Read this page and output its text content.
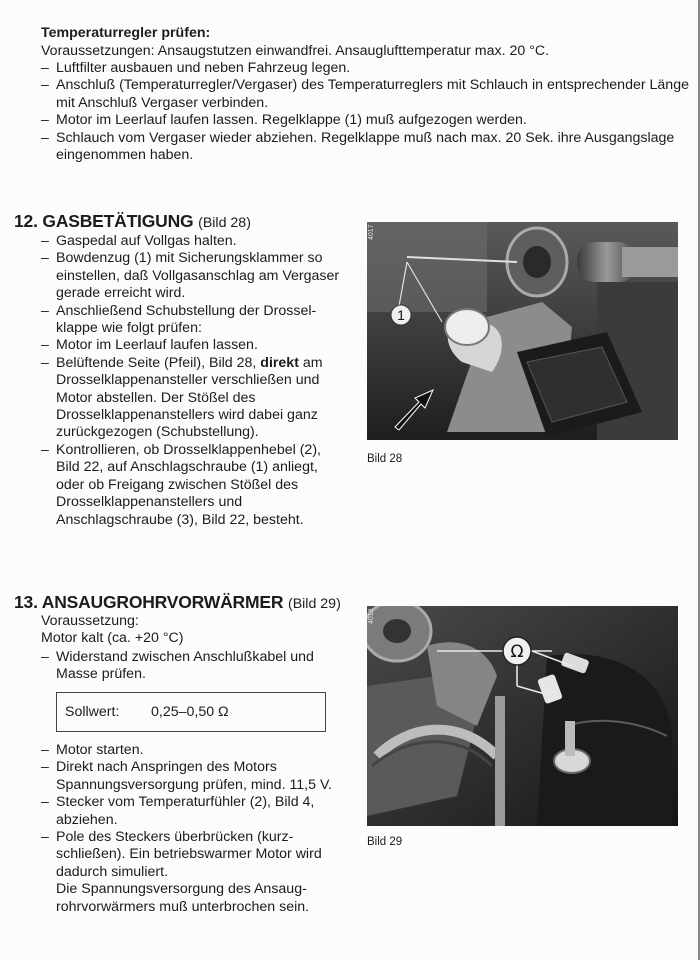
Temperaturregler prüfen:
Voraussetzungen: Ansaugstutzen einwandfrei. Ansauglufttemperatur max. 20 °C.
– Luftfilter ausbauen und neben Fahrzeug legen.
– Anschluß (Temperaturregler/Vergaser) des Temperaturreglers mit Schlauch in entsprechender Länge mit Anschluß Vergaser verbinden.
– Motor im Leerlauf laufen lassen. Regelklappe (1) muß aufgezogen werden.
– Schlauch vom Vergaser wieder abziehen. Regelklappe muß nach max. 20 Sek. ihre Ausgangslage eingenommen haben.
12. GASBETÄTIGUNG (Bild 28)
– Gaspedal auf Vollgas halten.
– Bowdenzug (1) mit Sicherungsklammer so einstellen, daß Vollgasanschlag am Vergaser gerade erreicht wird.
– Anschließend Schubstellung der Drosselklappe wie folgt prüfen:
– Motor im Leerlauf laufen lassen.
– Belüftende Seite (Pfeil), Bild 28, direkt am Drosselklappenansteller verschließen und Motor abstellen. Der Stößel des Drosselklappenanstellers wird dabei ganz zurückgezogen (Schubstellung).
– Kontrollieren, ob Drosselklappenhebel (2), Bild 22, auf Anschlagschraube (1) anliegt, oder ob Freigang zwischen Stößel des Drosselklappenanstellers und Anschlagschraube (3), Bild 22, besteht.
1
4017
Bild 28
13. ANSAUGROHRVORWÄRMER (Bild 29)
Voraussetzung:
Motor kalt (ca. +20 °C)
– Widerstand zwischen Anschlußkabel und Masse prüfen.
Sollwert: 0,25–0,50 Ω
– Motor starten.
– Direkt nach Anspringen des Motors Spannungsversorgung prüfen, mind. 11,5 V.
– Stecker vom Temperaturfühler (2), Bild 4, abziehen.
– Pole des Steckers überbrücken (kurzschließen). Ein betriebswarmer Motor wird dadurch simuliert.
Die Spannungsversorgung des Ansaugrohrvorwärmers muß unterbrochen sein.
Ω
4018
Bild 29
